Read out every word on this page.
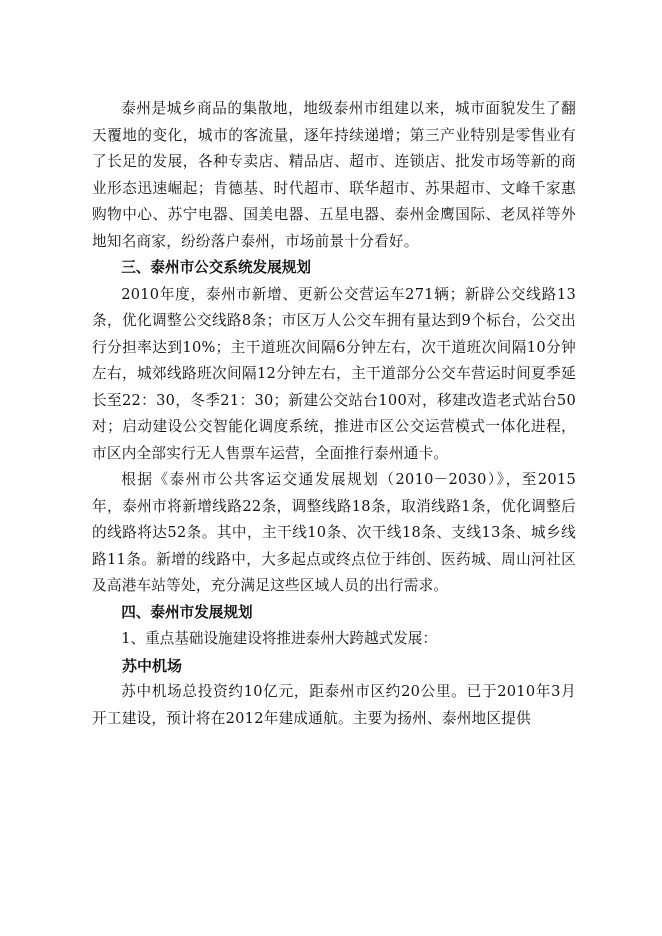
泰州是城乡商品的集散地，地级泰州市组建以来，城市面貌发生了翻天覆地的变化，城市的客流量，逐年持续递增；第三产业特别是零售业有了长足的发展，各种专卖店、精品店、超市、连锁店、批发市场等新的商业形态迅速崛起；肯德基、时代超市、联华超市、苏果超市、文峰千家惠购物中心、苏宁电器、国美电器、五星电器、泰州金鹰国际、老凤祥等外地知名商家，纷纷落户泰州，市场前景十分看好。

三、泰州市公交系统发展规划

2010年度，泰州市新增、更新公交营运车271辆；新辟公交线路13条，优化调整公交线路8条；市区万人公交车拥有量达到9个标台，公交出行分担率达到10%；主干道班次间隔6分钟左右，次干道班次间隔10分钟左右，城郊线路班次间隔12分钟左右，主干道部分公交车营运时间夏季延长至22：30，冬季21：30；新建公交站台100对，移建改造老式站台50对；启动建设公交智能化调度系统，推进市区公交运营模式一体化进程，市区内全部实行无人售票车运营，全面推行泰州通卡。

根据《泰州市公共客运交通发展规划（2010－2030）》，至2015年，泰州市将新增线路22条，调整线路18条，取消线路1条，优化调整后的线路将达52条。其中，主干线10条、次干线18条、支线13条、城乡线路11条。新增的线路中，大多起点或终点位于纬创、医药城、周山河社区及高港车站等处，充分满足这些区域人员的出行需求。

四、泰州市发展规划

1、重点基础设施建设将推进泰州大跨越式发展：

苏中机场

苏中机场总投资约10亿元，距泰州市区约20公里。已于2010年3月开工建设，预计将在2012年建成通航。主要为扬州、泰州地区提供
